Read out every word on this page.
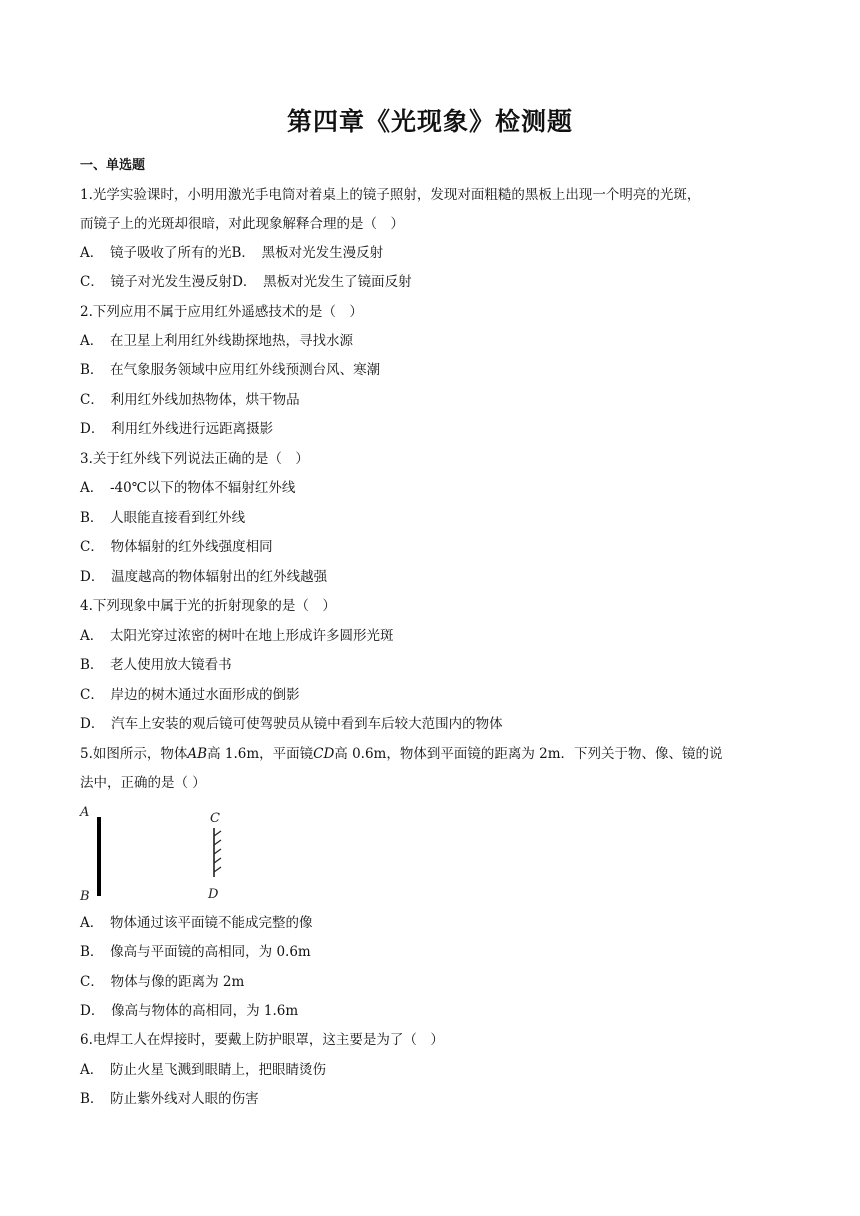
第四章《光现象》检测题
一、单选题
1.光学实验课时，小明用激光手电筒对着桌上的镜子照射，发现对面粗糙的黑板上出现一个明亮的光斑，
而镜子上的光斑却很暗，对此现象解释合理的是（　）
A．　 镜子吸收了所有的光B．　 黑板对光发生漫反射
C．　 镜子对光发生漫反射D．　 黑板对光发生了镜面反射
2.下列应用不属于应用红外遥感技术的是（　）
A．　在卫星上利用红外线勘探地热，寻找水源
B．　在气象服务领域中应用红外线预测台风、寒潮
C．　利用红外线加热物体，烘干物品
D．　利用红外线进行远距离摄影
3.关于红外线下列说法正确的是（　）
A．　-40℃以下的物体不辐射红外线
B．　人眼能直接看到红外线
C．　物体辐射的红外线强度相同
D．　温度越高的物体辐射出的红外线越强
4.下列现象中属于光的折射现象的是（　）
A．　太阳光穿过浓密的树叶在地上形成许多圆形光斑
B．　老人使用放大镜看书
C．　岸边的树木通过水面形成的倒影
D．　汽车上安装的观后镜可使驾驶员从镜中看到车后较大范围内的物体
5.如图所示，物体AB高 1.6m，平面镜CD高 0.6m，物体到平面镜的距离为 2m．下列关于物、像、镜的说
法中，正确的是（ ）
A
B
C
D
A．　物体通过该平面镜不能成完整的像
B．　像高与平面镜的高相同，为 0.6m
C．　物体与像的距离为 2m
D．　像高与物体的高相同，为 1.6m
6.电焊工人在焊接时，要戴上防护眼罩，这主要是为了（　）
A．　防止火星飞溅到眼睛上，把眼睛烫伤
B．　防止紫外线对人眼的伤害
